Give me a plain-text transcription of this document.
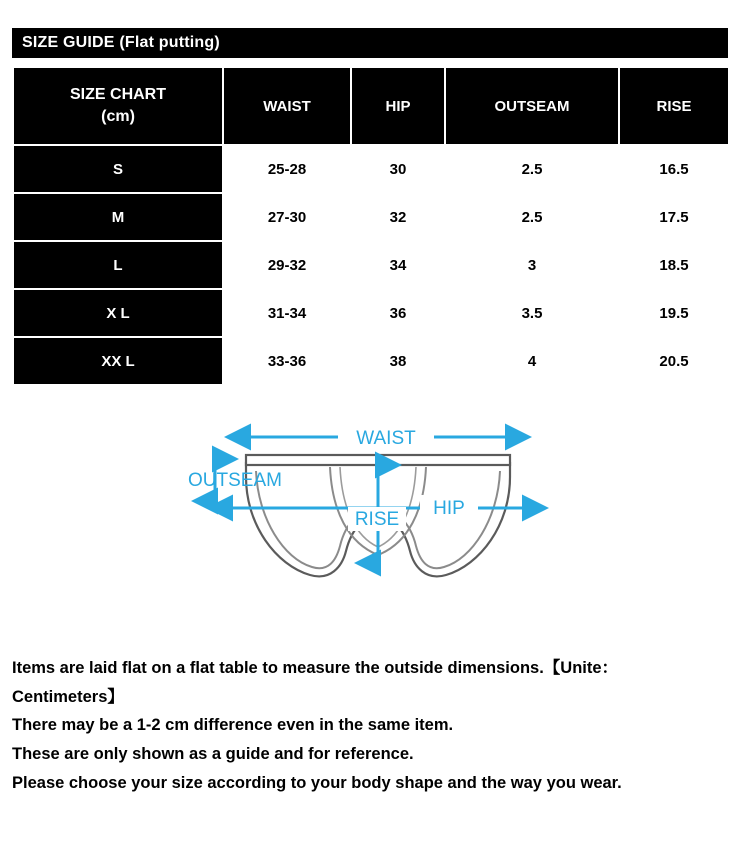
SIZE GUIDE (Flat putting)
SIZE CHART
(cm)	WAIST	HIP	OUTSEAM	RISE
S	25-28	30	2.5	16.5
M	27-30	32	2.5	17.5
L	29-32	34	3	18.5
X L	31-34	36	3.5	19.5
XX L	33-36	38	4	20.5
WAIST
OUTSEAM
HIP
RISE

Items are laid flat on a flat table to measure the outside dimensions.【Unite：

Centimeters】

There may be a 1-2 cm difference even in the same item.

These are only shown as a guide and for reference.

Please choose your size according to your body shape and the way you wear.
